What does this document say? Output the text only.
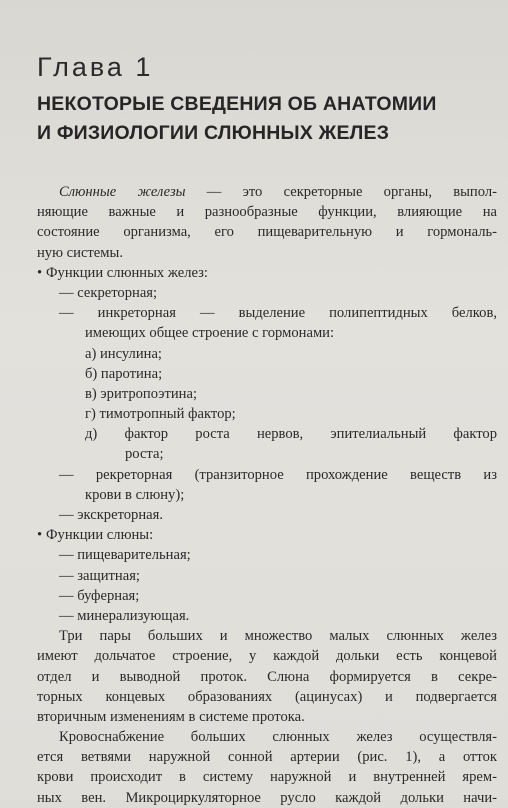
Глава 1
НЕКОТОРЫЕ СВЕДЕНИЯ ОБ АНАТОМИИ
И ФИЗИОЛОГИИ СЛЮННЫХ ЖЕЛЕЗ
Слюнные железы — это секреторные органы, выпол-
няющие важные и разнообразные функции, влияющие на
состояние организма, его пищеварительную и гормональ-
ную системы.
• Функции слюнных желез:
— секреторная;
— инкреторная — выделение полипептидных белков,
имеющих общее строение с гормонами:
а) инсулина;
б) паротина;
в) эритропоэтина;
г) тимотропный фактор;
д) фактор роста нервов, эпителиальный фактор
роста;
— рекреторная (транзиторное прохождение веществ из
крови в слюну);
— экскреторная.
• Функции слюны:
— пищеварительная;
— защитная;
— буферная;
— минерализующая.
Три пары больших и множество малых слюнных желез
имеют дольчатое строение, у каждой дольки есть концевой
отдел и выводной проток. Слюна формируется в секре-
торных концевых образованиях (ацинусах) и подвергается
вторичным изменениям в системе протока.
Кровоснабжение больших слюнных желез осуществля-
ется ветвями наружной сонной артерии (рис. 1), а отток
крови происходит в систему наружной и внутренней ярем-
ных вен. Микроциркуляторное русло каждой дольки начи-
